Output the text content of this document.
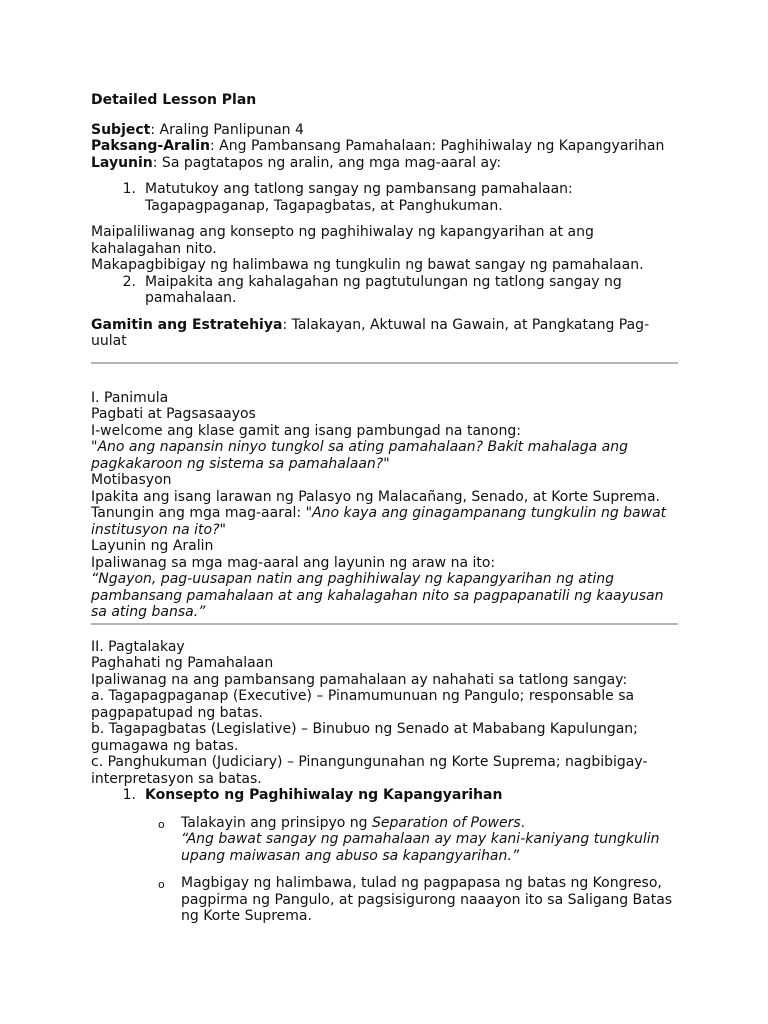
Detailed Lesson Plan

Subject: Araling Panlipunan 4

Paksang-Aralin: Ang Pambansang Pamahalaan: Paghihiwalay ng Kapangyarihan

Layunin: Sa pagtatapos ng aralin, ang mga mag-aaral ay:

1. Matutukoy ang tatlong sangay ng pambansang pamahalaan:

Tagapagpaganap, Tagapagbatas, at Panghukuman.

Maipaliliwanag ang konsepto ng paghihiwalay ng kapangyarihan at ang kahalagahan nito.

Makapagbibigay ng halimbawa ng tungkulin ng bawat sangay ng pamahalaan.

2. Maipakita ang kahalagahan ng pagtutulungan ng tatlong sangay ng pamahalaan.

Gamitin ang Estratehiya: Talakayan, Aktuwal na Gawain, at Pangkatang Pag-uulat

I. Panimula

Pagbati at Pagsasaayos

I-welcome ang klase gamit ang isang pambungad na tanong:

"Ano ang napansin ninyo tungkol sa ating pamahalaan? Bakit mahalaga ang pagkakaroon ng sistema sa pamahalaan?"

Motibasyon

Ipakita ang isang larawan ng Palasyo ng Malacañang, Senado, at Korte Suprema.

Tanungin ang mga mag-aaral: "Ano kaya ang ginagampanang tungkulin ng bawat institusyon na ito?"

Layunin ng Aralin

Ipaliwanag sa mga mag-aaral ang layunin ng araw na ito:

“Ngayon, pag-uusapan natin ang paghihiwalay ng kapangyarihan ng ating pambansang pamahalaan at ang kahalagahan nito sa pagpapanatili ng kaayusan sa ating bansa.”

II. Pagtalakay

Paghahati ng Pamahalaan

Ipaliwanag na ang pambansang pamahalaan ay nahahati sa tatlong sangay:

a. Tagapagpaganap (Executive) – Pinamumunuan ng Pangulo; responsable sa pagpapatupad ng batas.

b. Tagapagbatas (Legislative) – Binubuo ng Senado at Mababang Kapulungan; gumagawa ng batas.

c. Panghukuman (Judiciary) – Pinangungunahan ng Korte Suprema; nagbibigay-interpretasyon sa batas.

1. Konsepto ng Paghihiwalay ng Kapangyarihan
o	Talakayin ang prinsipyo ng Separation of Powers.

“Ang bawat sangay ng pamahalaan ay may kani-kaniyang tungkulin upang maiwasan ang abuso sa kapangyarihan.”

o	Magbigay ng halimbawa, tulad ng pagpapasa ng batas ng Kongreso, pagpirma ng Pangulo, at pagsisigurong naaayon ito sa Saligang Batas ng Korte Suprema.
